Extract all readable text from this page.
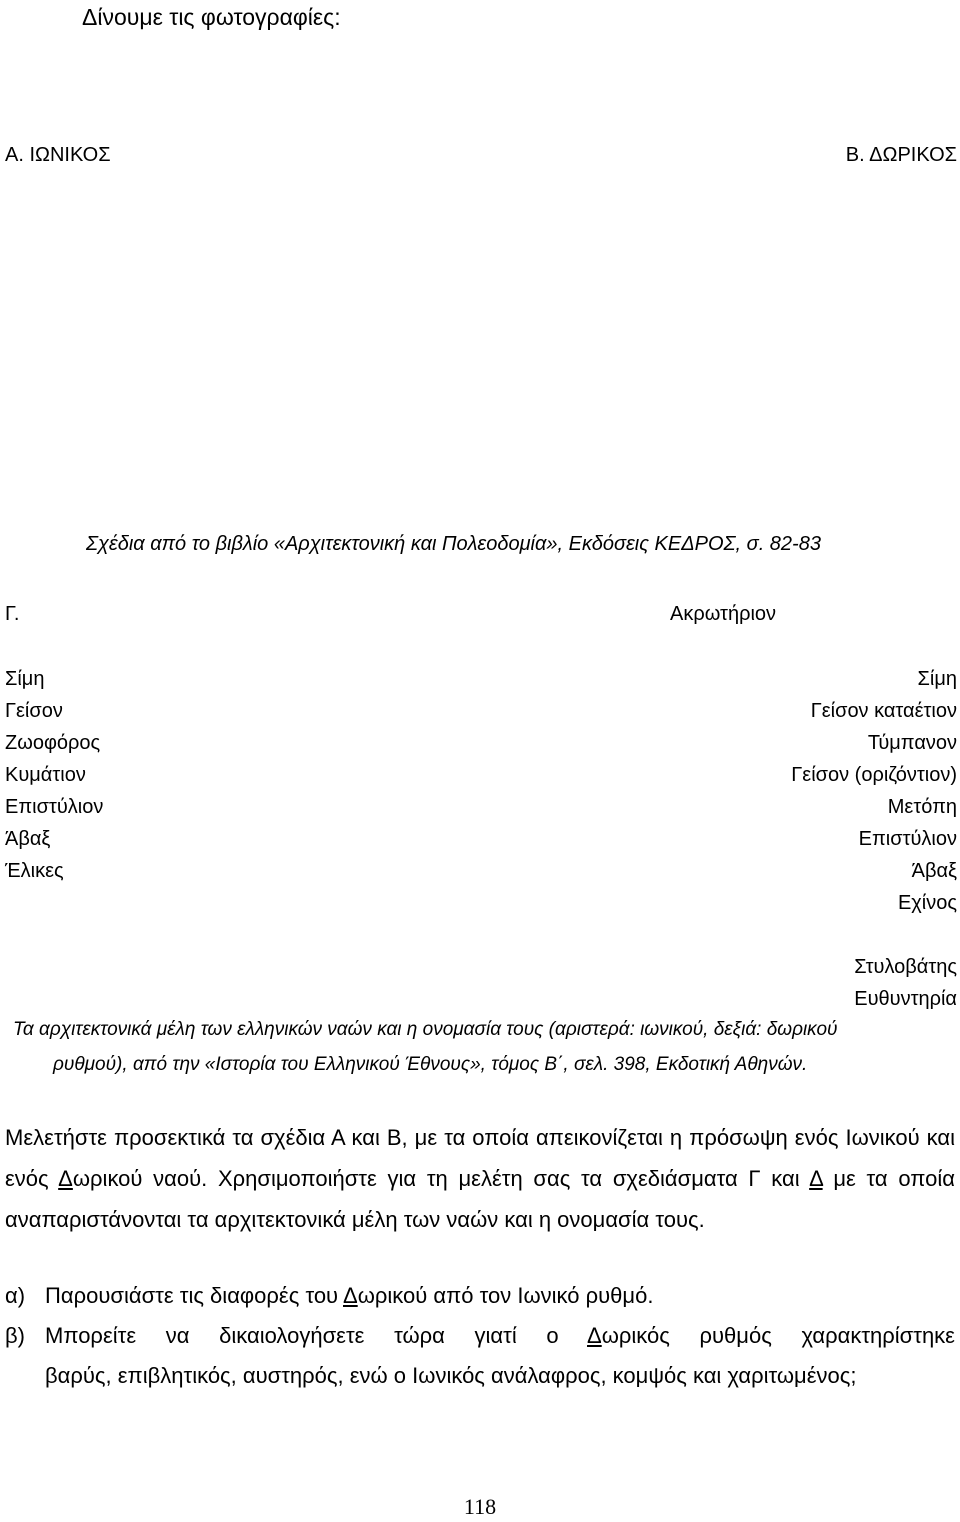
Δίνουμε τις φωτογραφίες:
Α. ΙΩΝΙΚΟΣ	Β. ΔΩΡΙΚΟΣ
Σχέδια από το βιβλίο «Αρχιτεκτονική και Πολεοδομία», Εκδόσεις ΚΕΔΡΟΣ, σ. 82-83
Γ.	Ακρωτήριον
Σίμη
Γείσον
Ζωοφόρος
Κυμάτιον
Επιστύλιον
Άβαξ
Έλικες
Σίμη
Γείσον καταέτιον
Τύμπανον
Γείσον (οριζόντιον)
Μετόπη
Επιστύλιον
Άβαξ
Εχίνος
Στυλοβάτης
Ευθυντηρία
Τα αρχιτεκτονικά μέλη των ελληνικών ναών και η ονομασία τους (αριστερά: ιωνικού, δεξιά: δωρικού
ρυθμού), από την «Ιστορία του Ελληνικού Έθνους», τόμος Β΄, σελ. 398, Εκδοτική Αθηνών.
Μελετήστε προσεκτικά τα σχέδια Α και Β, με τα οποία απεικονίζεται η πρόσωψη ενός Ιωνικού και ενός Δωρικού ναού. Χρησιμοποιήστε για τη μελέτη σας τα σχεδιάσματα Γ και Δ με τα οποία αναπαριστάνονται τα αρχιτεκτονικά μέλη των ναών και η ονομασία τους.
α) Παρουσιάστε τις διαφορές του Δωρικού από τον Ιωνικό ρυθμό.
β) Μπορείτε να δικαιολογήσετε τώρα γιατί ο Δωρικός ρυθμός χαρακτηρίστηκε
βαρύς, επιβλητικός, αυστηρός, ενώ ο Ιωνικός ανάλαφρος, κομψός και χαριτωμένος;
118
